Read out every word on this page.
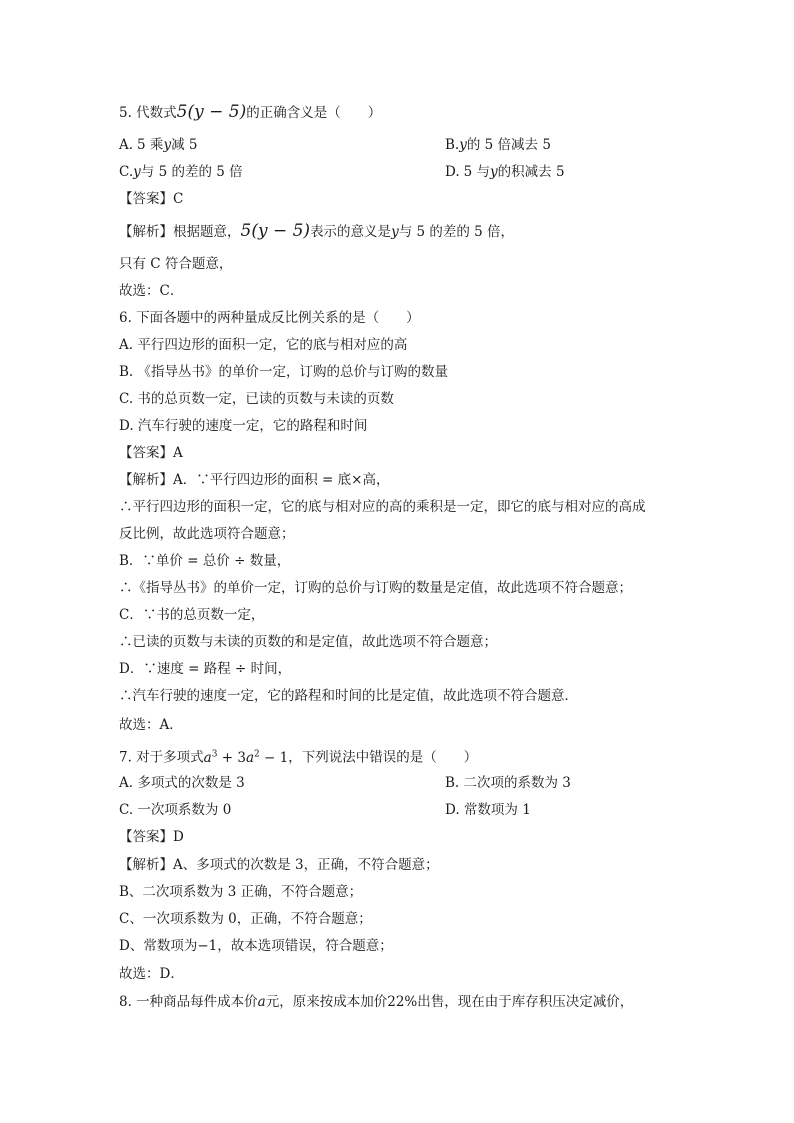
5. 代数式5(y − 5)的正确含义是（　　）
A. 5 乘y减 5	B.y的 5 倍减去 5
C.y与 5 的差的 5 倍	D. 5 与y的积减去 5
【答案】C
【解析】根据题意，5(y − 5)表示的意义是y与 5 的差的 5 倍，
只有 C 符合题意，
故选：C．
6. 下面各题中的两种量成反比例关系的是（　　）
A. 平行四边形的面积一定，它的底与相对应的高
B. 《指导丛书》的单价一定，订购的总价与订购的数量
C. 书的总页数一定，已读的页数与未读的页数
D. 汽车行驶的速度一定，它的路程和时间
【答案】A
【解析】A．∵平行四边形的面积 = 底×高，
∴平行四边形的面积一定，它的底与相对应的高的乘积是一定，即它的底与相对应的高成
反比例，故此选项符合题意；
B．∵单价 = 总价 ÷ 数量，
∴《指导丛书》的单价一定，订购的总价与订购的数量是定值，故此选项不符合题意；
C．∵书的总页数一定，
∴已读的页数与未读的页数的和是定值，故此选项不符合题意；
D．∵速度 = 路程 ÷ 时间，
∴汽车行驶的速度一定，它的路程和时间的比是定值，故此选项不符合题意．
故选：A．
7. 对于多项式$a^3 + 3a^2 - 1$，下列说法中错误的是（　　）
A. 多项式的次数是 3	B. 二次项的系数为 3
C. 一次项系数为 0	D. 常数项为 1
【答案】D
【解析】A、多项式的次数是 3，正确，不符合题意；
B、二次项系数为 3 正确，不符合题意；
C、一次项系数为 0，正确，不符合题意；
D、常数项为−1，故本选项错误，符合题意；
故选：D．
8. 一种商品每件成本价a元，原来按成本加价22%出售，现在由于库存积压决定减价，
